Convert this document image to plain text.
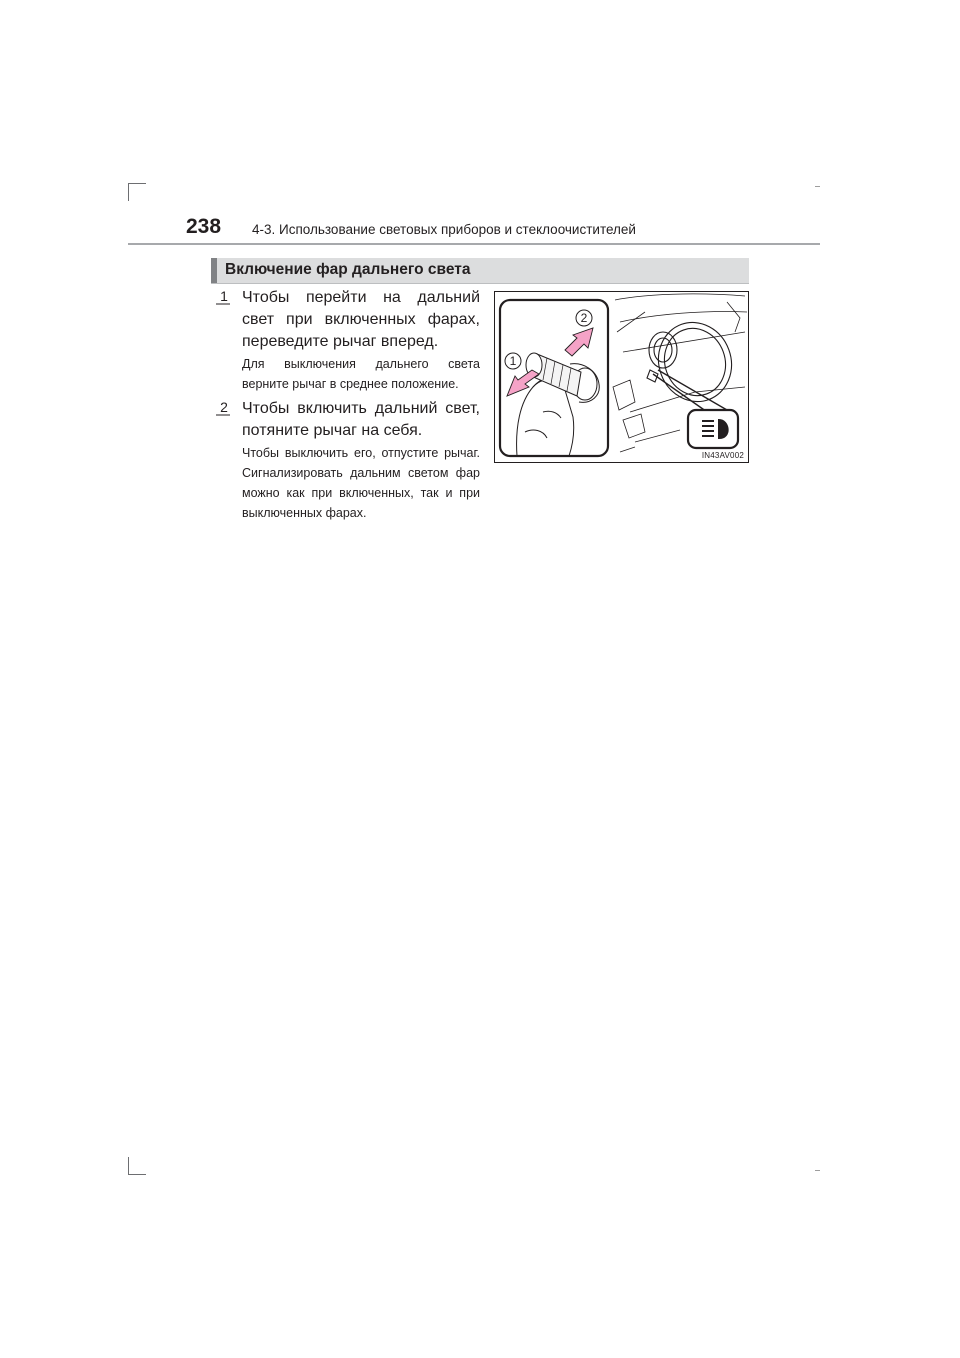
238 4-3. Использование световых приборов и стеклоочистителей
Включение фар дальнего света
1 Чтобы перейти на дальний свет при включенных фарах, переведите рычаг вперед.
Для выключения дальнего света верните рычаг в среднее положение.
2 Чтобы включить дальний свет, потяните рычаг на себя.
Чтобы выключить его, отпустите рычаг. Сигнализировать дальним светом фар можно как при включенных, так и при выключенных фарах.
2
1
IN43AV002
